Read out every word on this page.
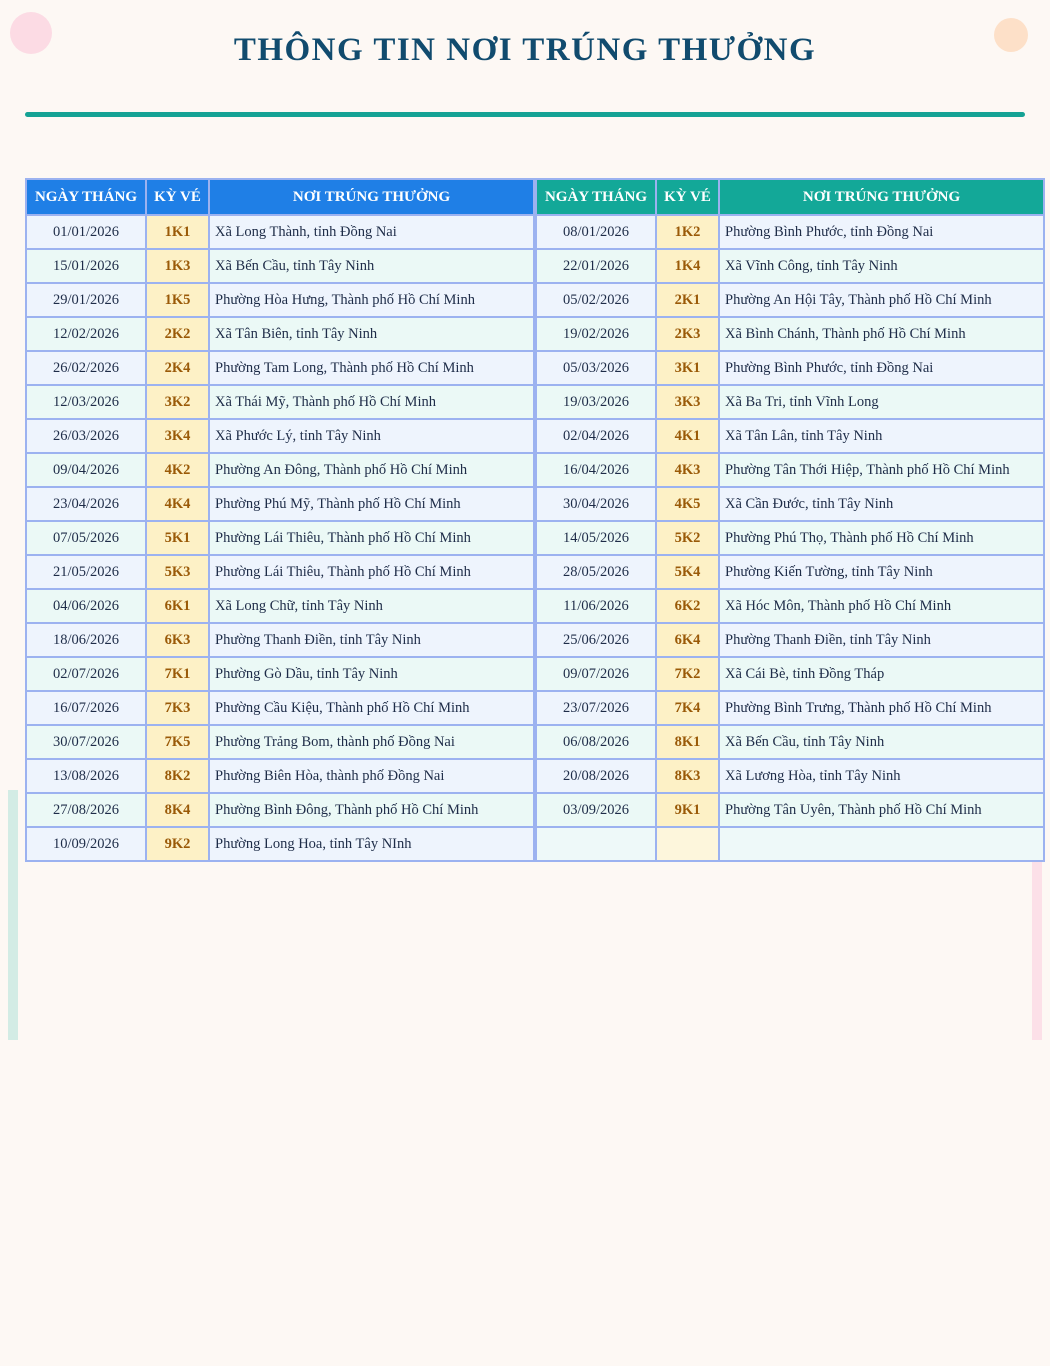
THÔNG TIN NƠI TRÚNG THƯỞNG
NGÀY THÁNG	KỲ VÉ	NƠI TRÚNG THƯỞNG
01/01/2026	1K1	Xã Long Thành, tỉnh Đồng Nai
15/01/2026	1K3	Xã Bến Cầu, tỉnh Tây Ninh
29/01/2026	1K5	Phường Hòa Hưng, Thành phố Hồ Chí Minh
12/02/2026	2K2	Xã Tân Biên, tỉnh Tây Ninh
26/02/2026	2K4	Phường Tam Long, Thành phố Hồ Chí Minh
12/03/2026	3K2	Xã Thái Mỹ, Thành phố Hồ Chí Minh
26/03/2026	3K4	Xã Phước Lý, tỉnh Tây Ninh
09/04/2026	4K2	Phường An Đông, Thành phố Hồ Chí Minh
23/04/2026	4K4	Phường Phú Mỹ, Thành phố Hồ Chí Minh
07/05/2026	5K1	Phường Lái Thiêu, Thành phố Hồ Chí Minh
21/05/2026	5K3	Phường Lái Thiêu, Thành phố Hồ Chí Minh
04/06/2026	6K1	Xã Long Chữ, tỉnh Tây Ninh
18/06/2026	6K3	Phường Thanh Điền, tỉnh Tây Ninh
02/07/2026	7K1	Phường Gò Dầu, tỉnh Tây Ninh
16/07/2026	7K3	Phường Cầu Kiệu, Thành phố Hồ Chí Minh
30/07/2026	7K5	Phường Trảng Bom, thành phố Đồng Nai
13/08/2026	8K2	Phường Biên Hòa, thành phố Đồng Nai
27/08/2026	8K4	Phường Bình Đông, Thành phố Hồ Chí Minh
10/09/2026	9K2	Phường Long Hoa, tỉnh Tây NInh
NGÀY THÁNG	KỲ VÉ	NƠI TRÚNG THƯỞNG
08/01/2026	1K2	Phường Bình Phước, tỉnh Đồng Nai
22/01/2026	1K4	Xã Vĩnh Công, tỉnh Tây Ninh
05/02/2026	2K1	Phường An Hội Tây, Thành phố Hồ Chí Minh
19/02/2026	2K3	Xã Bình Chánh, Thành phố Hồ Chí Minh
05/03/2026	3K1	Phường Bình Phước, tỉnh Đồng Nai
19/03/2026	3K3	Xã Ba Tri, tỉnh Vĩnh Long
02/04/2026	4K1	Xã Tân Lân, tỉnh Tây Ninh
16/04/2026	4K3	Phường Tân Thới Hiệp, Thành phố Hồ Chí Minh
30/04/2026	4K5	Xã Cần Đước, tỉnh Tây Ninh
14/05/2026	5K2	Phường Phú Thọ, Thành phố Hồ Chí Minh
28/05/2026	5K4	Phường Kiến Tường, tỉnh Tây Ninh
11/06/2026	6K2	Xã Hóc Môn, Thành phố Hồ Chí Minh
25/06/2026	6K4	Phường Thanh Điền, tỉnh Tây Ninh
09/07/2026	7K2	Xã Cái Bè, tỉnh Đồng Tháp
23/07/2026	7K4	Phường Bình Trưng, Thành phố Hồ Chí Minh
06/08/2026	8K1	Xã Bến Cầu, tỉnh Tây Ninh
20/08/2026	8K3	Xã Lương Hòa, tỉnh Tây Ninh
03/09/2026	9K1	Phường Tân Uyên, Thành phố Hồ Chí Minh
